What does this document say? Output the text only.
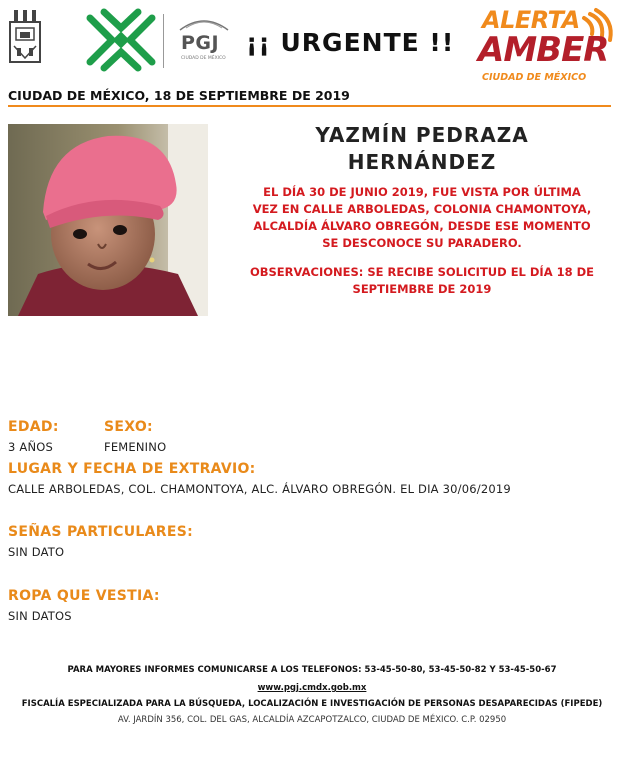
PGJ
CIUDAD DE MÉXICO
¡¡ URGENTE !!
ALERTA
AMBER
CIUDAD DE MÉXICO
CIUDAD DE MÉXICO, 18 DE SEPTIEMBRE DE 2019
YAZMÍN PEDRAZA
HERNÁNDEZ
EL DÍA 30 DE JUNIO 2019, FUE VISTA POR ÚLTIMA
VEZ EN CALLE ARBOLEDAS, COLONIA CHAMONTOYA,
ALCALDÍA ÁLVARO OBREGÓN, DESDE ESE MOMENTO
SE DESCONOCE SU PARADERO.
OBSERVACIONES: SE RECIBE SOLICITUD EL DÍA 18 DE
SEPTIEMBRE DE 2019
EDAD:
3 AÑOS
SEXO:
FEMENINO
LUGAR Y FECHA DE EXTRAVIO:
CALLE ARBOLEDAS, COL. CHAMONTOYA, ALC. ÁLVARO OBREGÓN. EL DIA 30/06/2019
SEÑAS PARTICULARES:
SIN DATO
ROPA QUE VESTIA:
SIN DATOS
PARA MAYORES INFORMES COMUNICARSE A LOS TELEFONOS: 53-45-50-80, 53-45-50-82 Y 53-45-50-67
www.pgj.cmdx.gob.mx
FISCALÍA ESPECIALIZADA PARA LA BÚSQUEDA, LOCALIZACIÓN E INVESTIGACIÓN DE PERSONAS DESAPARECIDAS (FIPEDE)
AV. JARDÍN 356, COL. DEL GAS, ALCALDÍA AZCAPOTZALCO, CIUDAD DE MÉXICO. C.P. 02950
